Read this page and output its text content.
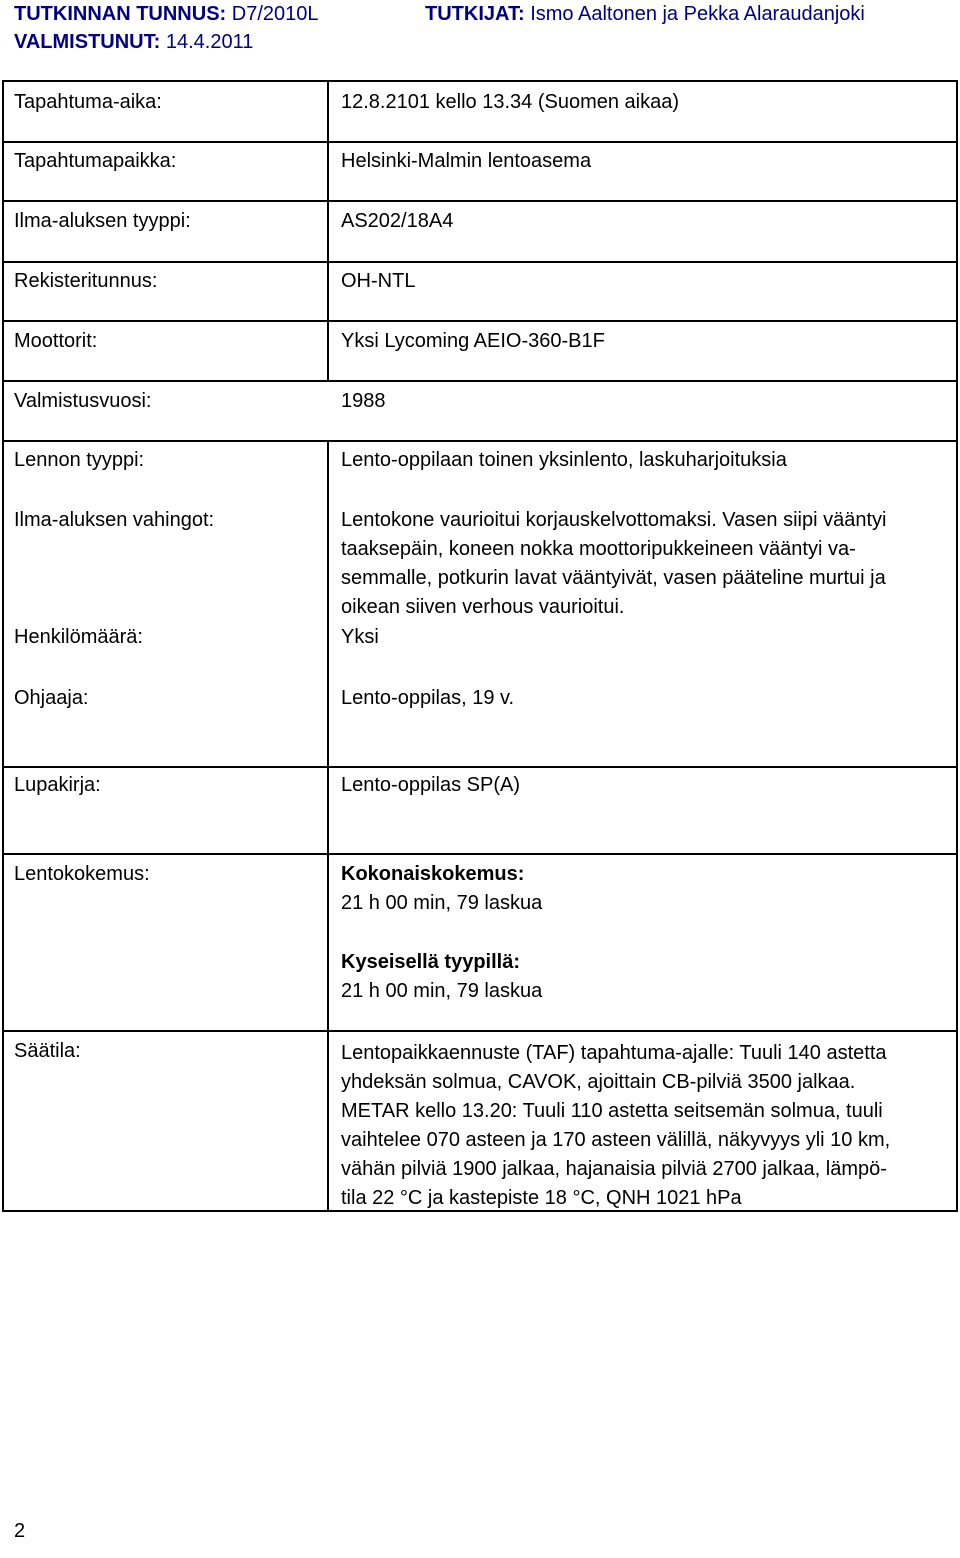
TUTKINNAN TUNNUS: D7/2010L	TUTKIJAT: Ismo Aaltonen ja Pekka Alaraudanjoki
VALMISTUNUT: 14.4.2011
Tapahtuma-aika:	12.8.2101 kello 13.34 (Suomen aikaa)
Tapahtumapaikka:	Helsinki-Malmin lentoasema
Ilma-aluksen tyyppi:	AS202/18A4
Rekisteritunnus:	OH-NTL
Moottorit:	Yksi Lycoming AEIO-360-B1F
Valmistusvuosi:	1988
Lennon tyyppi:	Lento-oppilaan toinen yksinlento, laskuharjoituksia
Ilma-aluksen vahingot:	Lentokone vaurioitui korjauskelvottomaksi. Vasen siipi vääntyi
taaksepäin, koneen nokka moottoripukkeineen vääntyi va-
semmalle, potkurin lavat vääntyivät, vasen pääteline murtui ja
oikean siiven verhous vaurioitui.
Henkilömäärä:	Yksi
Ohjaaja:	Lento-oppilas, 19 v.
Lupakirja:	Lento-oppilas SP(A)
Lentokokemus:	Kokonaiskokemus:
21 h 00 min, 79 laskua
Kyseisellä tyypillä:
21 h 00 min, 79 laskua
Säätila:	Lentopaikkaennuste (TAF) tapahtuma-ajalle: Tuuli 140 astetta
yhdeksän solmua, CAVOK, ajoittain CB-pilviä 3500 jalkaa.
METAR kello 13.20: Tuuli 110 astetta seitsemän solmua, tuuli
vaihtelee 070 asteen ja 170 asteen välillä, näkyvyys yli 10 km,
vähän pilviä 1900 jalkaa, hajanaisia pilviä 2700 jalkaa, lämpö-
tila 22 °C ja kastepiste 18 °C, QNH 1021 hPa
2
